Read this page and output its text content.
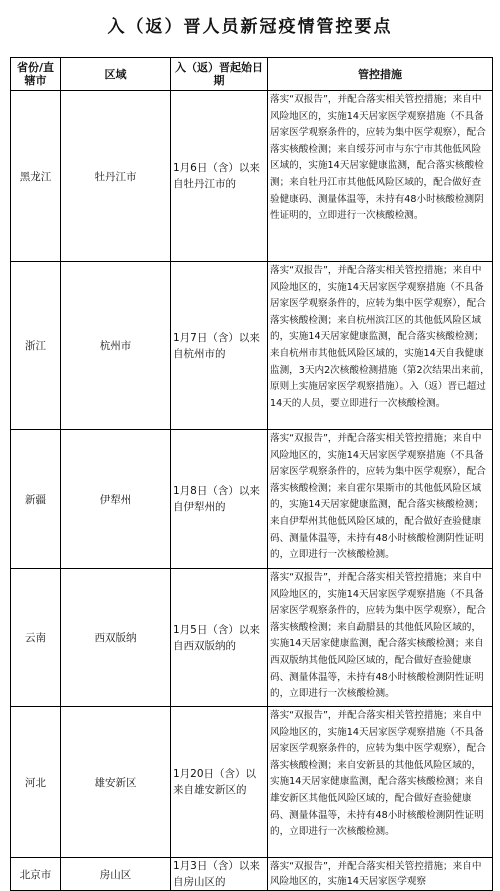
入（返）晋人员新冠疫情管控要点
省份/直辖市	区域	入（返）晋起始日期	管控措施
黑龙江	牡丹江市	1月6日（含）以来自牡丹江市的	落实“双报告”，并配合落实相关管控措施；来自中风险地区的，实施14天居家医学观察措施（不具备居家医学观察条件的，应转为集中医学观察），配合落实核酸检测；来自绥芬河市与东宁市其他低风险区域的，实施14天居家健康监测，配合落实核酸检测；来自牡丹江市其他低风险区域的，配合做好查验健康码、测量体温等，未持有48小时核酸检测阴性证明的，立即进行一次核酸检测。
浙江	杭州市	1月7日（含）以来自杭州市的	落实“双报告”，并配合落实相关管控措施；来自中风险地区的，实施14天居家医学观察措施（不具备居家医学观察条件的，应转为集中医学观察），配合落实核酸检测；来自杭州滨江区的其他低风险区域的，实施14天居家健康监测，配合落实核酸检测；来自杭州市其他低风险区域的，实施14天自我健康监测，3天内2次核酸检测措施（第2次结果出来前，原则上实施居家医学观察措施）。入（返）晋已超过14天的人员，要立即进行一次核酸检测。
新疆	伊犁州	1月8日（含）以来自伊犁州的	落实“双报告”，并配合落实相关管控措施；来自中风险地区的，实施14天居家医学观察措施（不具备居家医学观察条件的，应转为集中医学观察），配合落实核酸检测；来自霍尔果斯市的其他低风险区域的，实施14天居家健康监测，配合落实核酸检测；来自伊犁州其他低风险区域的，配合做好查验健康码、测量体温等，未持有48小时核酸检测阴性证明的，立即进行一次核酸检测。
云南	西双版纳	1月5日（含）以来自西双版纳的	落实“双报告”，并配合落实相关管控措施；来自中风险地区的，实施14天居家医学观察措施（不具备居家医学观察条件的，应转为集中医学观察），配合落实核酸检测；来自勐腊县的其他低风险区域的，实施14天居家健康监测，配合落实核酸检测；来自西双版纳其他低风险区域的，配合做好查验健康码、测量体温等，未持有48小时核酸检测阴性证明的，立即进行一次核酸检测。
河北	雄安新区	1月20日（含）以来自雄安新区的	落实“双报告”，并配合落实相关管控措施；来自中风险地区的，实施14天居家医学观察措施（不具备居家医学观察条件的，应转为集中医学观察），配合落实核酸检测；来自安新县的其他低风险区域的，实施14天居家健康监测，配合落实核酸检测；来自雄安新区其他低风险区域的，配合做好查验健康码、测量体温等，未持有48小时核酸检测阴性证明的，立即进行一次核酸检测。
北京市	房山区	1月3日（含）以来自房山区的	落实“双报告”，并配合落实相关管控措施；来自中风险地区的，实施14天居家医学观察
